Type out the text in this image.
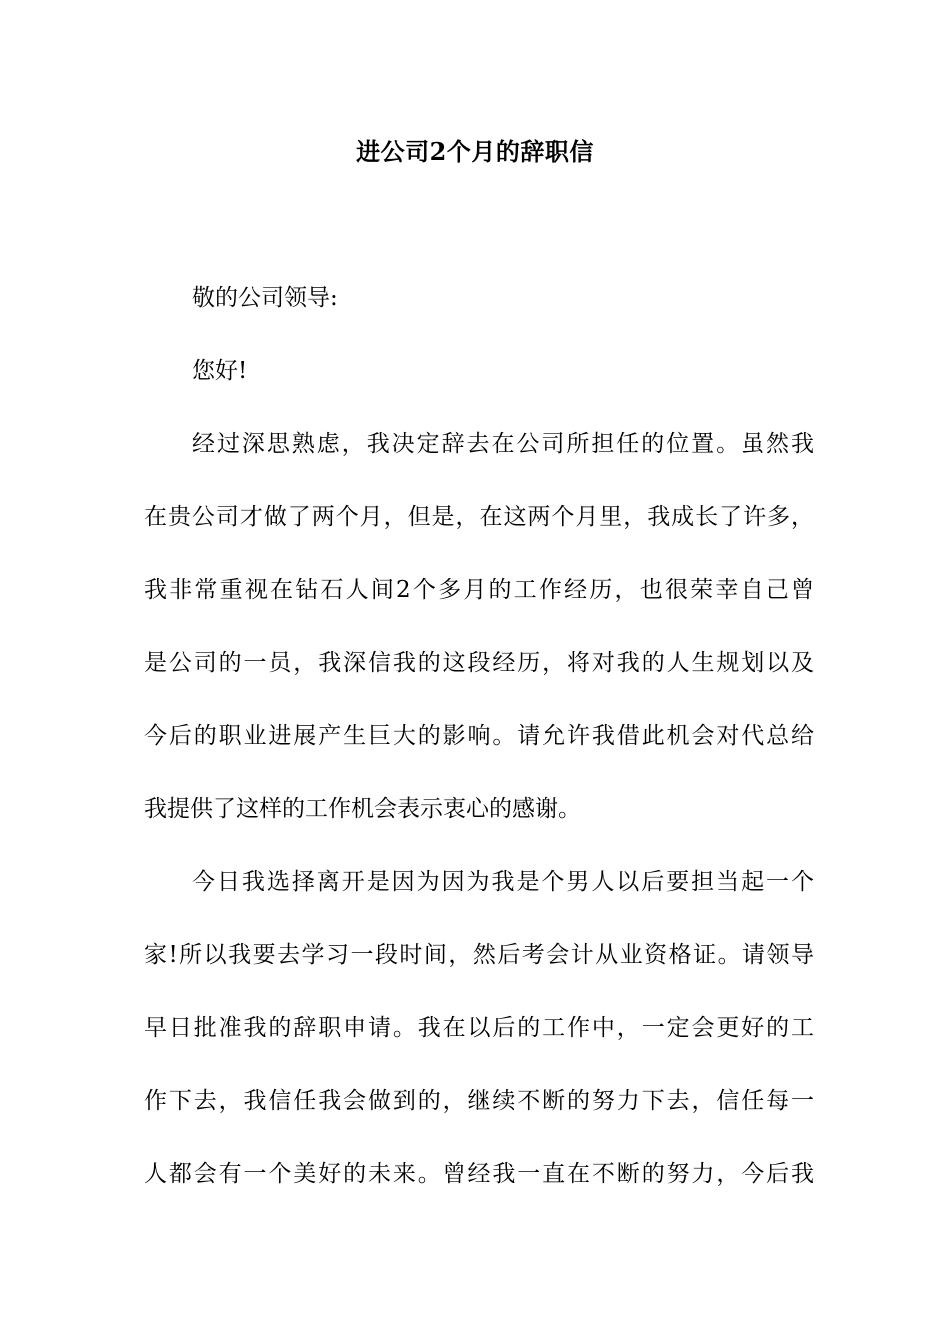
进公司2个月的辞职信
敬的公司领导:
您好!
经过深思熟虑，我决定辞去在公司所担任的位置。虽然我
在贵公司才做了两个月，但是，在这两个月里，我成长了许多，
我非常重视在钻石人间2个多月的工作经历，也很荣幸自己曾
是公司的一员，我深信我的这段经历，将对我的人生规划以及
今后的职业进展产生巨大的影响。请允许我借此机会对代总给
我提供了这样的工作机会表示衷心的感谢。
今日我选择离开是因为因为我是个男人以后要担当起一个
家!所以我要去学习一段时间，然后考会计从业资格证。请领导
早日批准我的辞职申请。我在以后的工作中，一定会更好的工
作下去，我信任我会做到的，继续不断的努力下去，信任每一
人都会有一个美好的未来。曾经我一直在不断的努力，今后我
